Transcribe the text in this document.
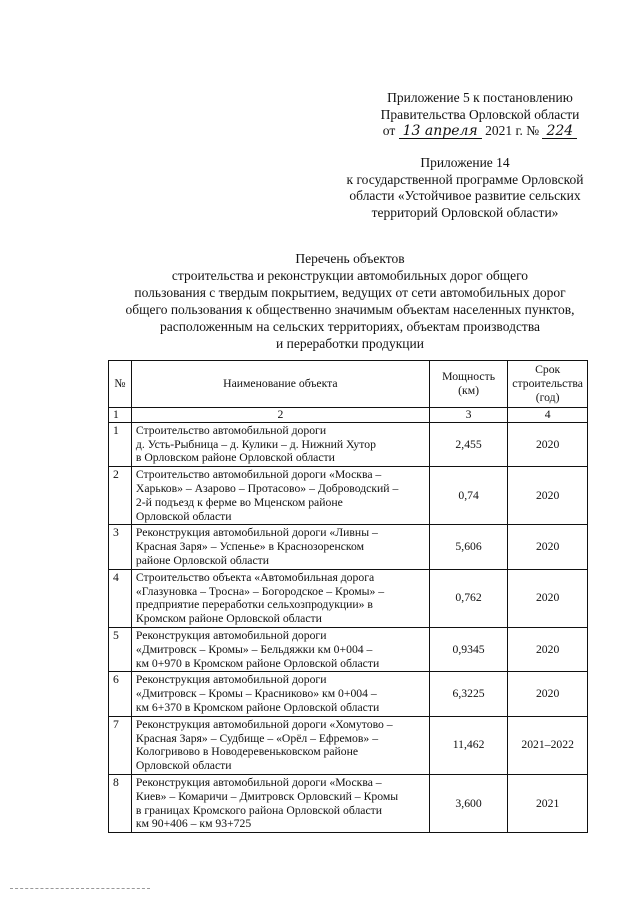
Приложение 5 к постановлению
Правительства Орловской области
от 13 апреля 2021 г. № 224
Приложение 14
к государственной программе Орловской
области «Устойчивое развитие сельских
территорий Орловской области»
Перечень объектов
строительства и реконструкции автомобильных дорог общего
пользования с твердым покрытием, ведущих от сети автомобильных дорог
общего пользования к общественно значимым объектам населенных пунктов,
расположенным на сельских территориях, объектам производства
и переработки продукции
№	Наименование объекта	Мощность (км)	Срок строительства (год)
1	2	3	4
1	Строительство автомобильной дороги
д. Усть-Рыбница – д. Кулики – д. Нижний Хутор
в Орловском районе Орловской области	2,455	2020
2	Строительство автомобильной дороги «Москва –
Харьков» – Азарово – Протасово» – Доброводский –
2-й подъезд к ферме во Мценском районе
Орловской области	0,74	2020
3	Реконструкция автомобильной дороги «Ливны –
Красная Заря» – Успенье» в Краснозоренском
районе Орловской области	5,606	2020
4	Строительство объекта «Автомобильная дорога
«Глазуновка – Тросна» – Богородское – Кромы» –
предприятие переработки сельхозпродукции» в
Кромском районе Орловской области	0,762	2020
5	Реконструкция автомобильной дороги
«Дмитровск – Кромы» – Бельдяжки км 0+004 –
км 0+970 в Кромском районе Орловской области	0,9345	2020
6	Реконструкция автомобильной дороги
«Дмитровск – Кромы – Красниково» км 0+004 –
км 6+370 в Кромском районе Орловской области	6,3225	2020
7	Реконструкция автомобильной дороги «Хомутово –
Красная Заря» – Судбище – «Орёл – Ефремов» –
Кологривово в Новодеревеньковском районе
Орловской области	11,462	2021–2022
8	Реконструкция автомобильной дороги «Москва –
Киев» – Комаричи – Дмитровск Орловский – Кромы
в границах Кромского района Орловской области
км 90+406 – км 93+725	3,600	2021
